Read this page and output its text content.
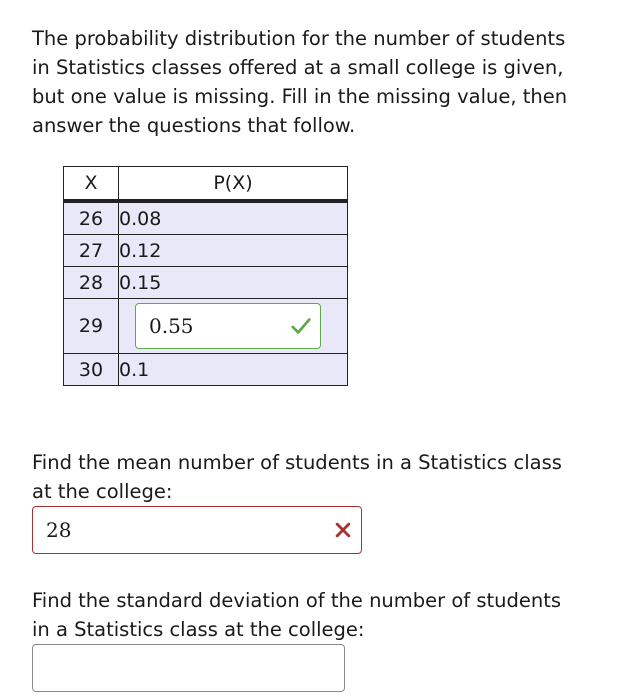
The probability distribution for the number of students
in Statistics classes offered at a small college is given,
but one value is missing. Fill in the missing value, then
answer the questions that follow.

X	P(X)
26	0.08
27	0.12
28	0.15
29	0.55

30	0.1

Find the mean number of students in a Statistics class
at the college:

28

Find the standard deviation of the number of students
in a Statistics class at the college:
